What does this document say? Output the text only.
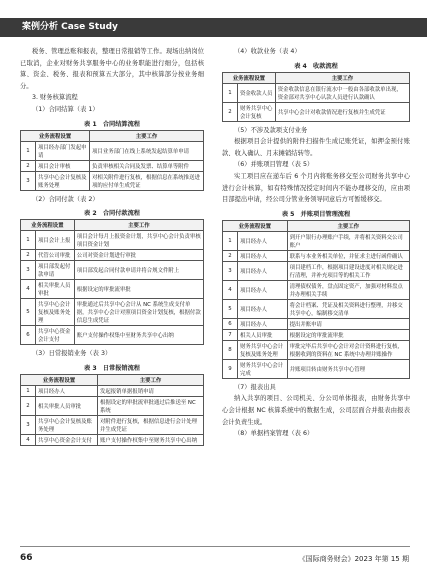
案例分析 Case Study

税务、管理总账和报表，整理日常报销等工作。现场出纳岗位已取消，企业对财务共享服务中心的业务职能进行细分，包括核算、资金、税务、报表和预算五大部分，其中核算部分按业务细分。

3. 财务核算流程

（1）合同结算（表 1）

表 1　合同结算流程
业务流程设置		主要工作
1	项目经办部门发起申请	项目业务部门在线上系统发起结算单申请
2	项目会计审核	负责审核相关合同及发票、结算单等附件
3	共享中心会计复核及账务处理	对相关附件进行复核，根据信息在系统推送进项的应付单生成凭证

（2）合同付款（表 2）

表 2　合同付款流程
业务流程设置		主要工作
1	项目会计上报	项目会计每月上报资金计划，共享中心会计负责审核项目资金计划
2	代管公司审批	公司对资金计划进行审批
3	项目部发起付款申请	项目部发起合同付款申请并将合规文件附上
4	相关审批人员审批	根据设定的审批流审批
5	共享中心会计复核及账务处理	审批通过后共享中心会计从 NC 系统生成支付单据，共享中心会计对照项目资金计划复核，根据付款信息生成凭证
6	共享中心资金会计支付	账户支付操作权集中至财务共享中心出纳

（3）日常报销业务（表 3）

表 3　日常报销流程
业务流程设置		主要工作
1	项目经办人	发起报销单据报销申请
2	相关审批人员审批	根据设定的审批流审批通过后推送至 NC 系统
3	共享中心会计复核及账务处理	对附件进行复核，根据信息进行会计处理并生成凭证
4	共享中心资金会计支付	账户支付操作权集中至财务共享中心出纳

（4）收款业务（表 4）

表 4　收款流程
业务流程设置		主要工作
1	资金收款人员	资金收款信息在银行流水中一般由各部收款单出现，资金部对共享中心认款人员进行认款确认
2	财务共享中心会计复核	共享中心会计对收款情况进行复核并生成凭证

（5）不涉及款项支付业务

根据项目会计提供的附件扫描件生成记账凭证，如押金预付账款、收入确认、月末摊销结转等。

（6）并账项目管理（表 5）

实工项目应在递车后 6 个月内将账务移交至公司财务共享中心进行会计核算，如有特殊情况授定时间内不能办理移交的，应由项目部提出申请，经公司分管业务领导同意后方可暂缓移交。

表 5　并账项目管理流程
业务流程设置		主要工作
1	项目经办人	到开户银行办理账户手续，并将相关资料交公司账户
2	项目经办人	联系与本业务相关单位，并征求主进行函件确认
3	项目经办人	项目建档工作，根据项目建设进度对相关规定进行清理，并补充项目等的相关工作
4	项目经办人	清理债权债务，盘点固定资产，加强对材料盘点并办理相关手续
5	项目经办人	将会计档案、凭证及相关资料进行整理，并移交共享中心，编制移交清单
6	项目经办人	提出并账申请
7	相关人员审批	根据设定的审批流审批
8	财务共享中心会计复核及账务处理	审批完毕后共享中心会计对会计资料进行复核，根据收到的资料在 NC 系统中办理并账操作
9	财务共享中心会计完成	并账项目转由财务共享中心管理

（7）报表出具

纳入共享的项目、公司机关、分公司单体报表，由财务共享中心会计根据 NC 核算系统中的数据生成，公司层面合并报表由报表会计负责生成。

（8）单据档案管理（表 6）

66	《国际商务财会》2023 年第 15 期
